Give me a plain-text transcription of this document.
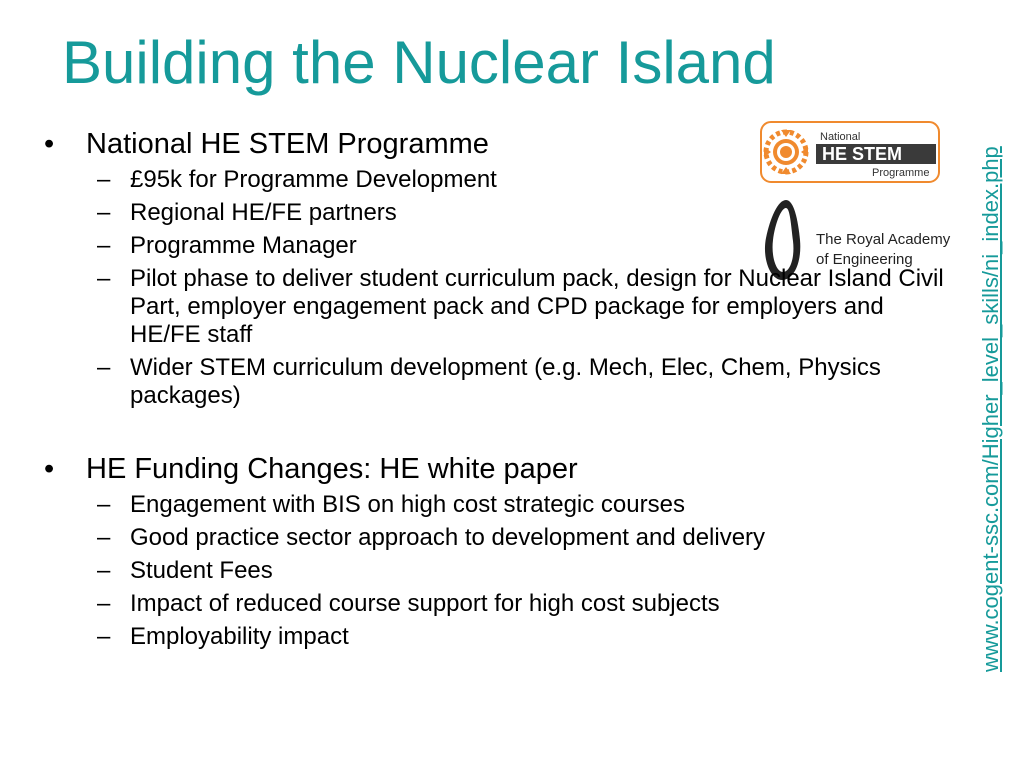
Building the Nuclear Island
National
HE STEM
Programme
The Royal Academy
of Engineering
•	National HE STEM Programme
– £95k for Programme Development
– Regional HE/FE partners
– Programme Manager
– Pilot phase to deliver student curriculum pack, design for Nuclear Island Civil Part, employer engagement pack and CPD package for employers and HE/FE staff
– Wider STEM curriculum development (e.g. Mech, Elec, Chem, Physics packages)
•	HE Funding Changes: HE white paper
– Engagement with BIS on high cost strategic courses
– Good practice sector approach to development and delivery
– Student Fees
– Impact of reduced course support for high cost subjects
– Employability impact	www.cogent-ssc.com/Higher_level_skills/ni_index.php
